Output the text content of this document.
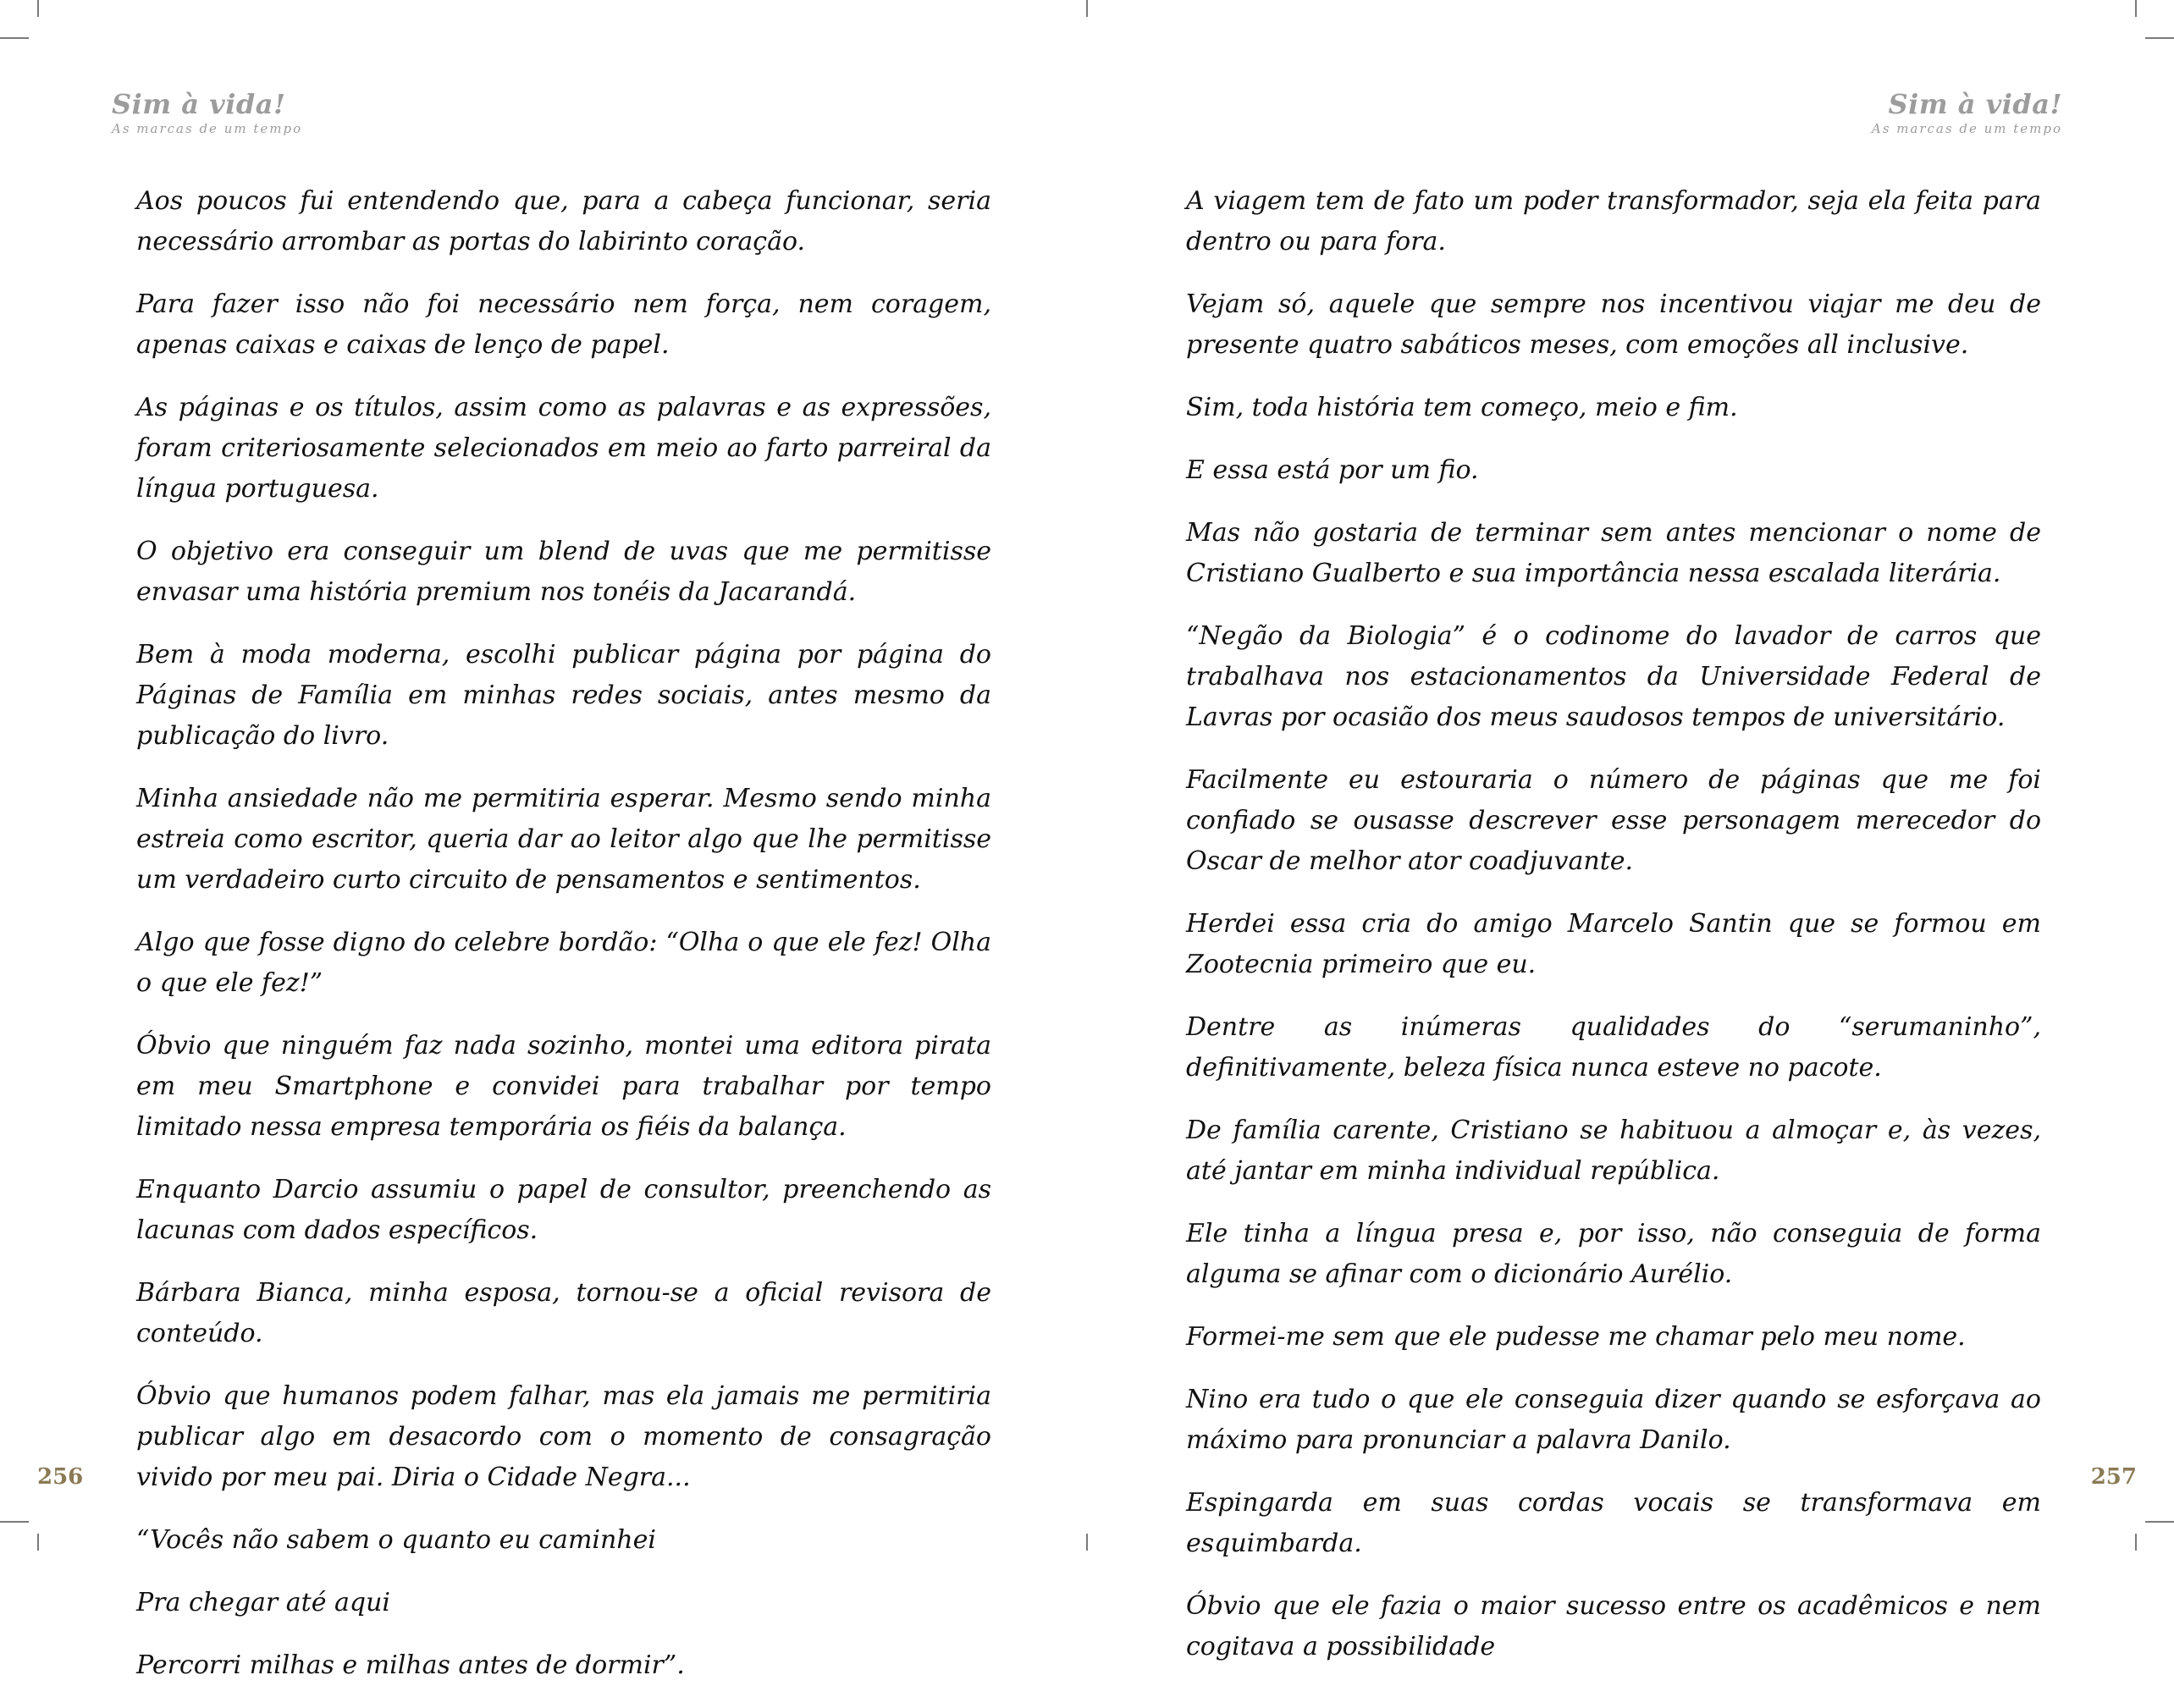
Sim à vida!
As marcas de um tempo

Aos poucos fui entendendo que, para a cabeça funcionar, seria necessário arrombar as portas do labirinto coração.

Para fazer isso não foi necessário nem força, nem coragem, apenas caixas e caixas de lenço de papel.

As páginas e os títulos, assim como as palavras e as expressões, foram criteriosamente selecionados em meio ao farto parreiral da língua portuguesa.

O objetivo era conseguir um blend de uvas que me permitisse envasar uma história premium nos tonéis da Jacarandá.

Bem à moda moderna, escolhi publicar página por página do Páginas de Família em minhas redes sociais, antes mesmo da publicação do livro.

Minha ansiedade não me permitiria esperar. Mesmo sendo minha estreia como escritor, queria dar ao leitor algo que lhe permitisse um verdadeiro curto circuito de pensamentos e sentimentos.

Algo que fosse digno do celebre bordão: “Olha o que ele fez! Olha o que ele fez!”

Óbvio que ninguém faz nada sozinho, montei uma editora pirata em meu Smartphone e convidei para trabalhar por tempo limitado nessa empresa temporária os fiéis da balança.

Enquanto Darcio assumiu o papel de consultor, preenchendo as lacunas com dados específicos.

Bárbara Bianca, minha esposa, tornou-se a oficial revisora de conteúdo.

Óbvio que humanos podem falhar, mas ela jamais me permitiria publicar algo em desacordo com o momento de consagração vivido por meu pai. Diria o Cidade Negra...

“Vocês não sabem o quanto eu caminhei

Pra chegar até aqui

Percorri milhas e milhas antes de dormir”.

256
Sim à vida!
As marcas de um tempo

A viagem tem de fato um poder transformador, seja ela feita para dentro ou para fora.

Vejam só, aquele que sempre nos incentivou viajar me deu de presente quatro sabáticos meses, com emoções all inclusive.

Sim, toda história tem começo, meio e fim.

E essa está por um fio.

Mas não gostaria de terminar sem antes mencionar o nome de Cristiano Gualberto e sua importância nessa escalada literária.

“Negão da Biologia” é o codinome do lavador de carros que trabalhava nos estacionamentos da Universidade Federal de Lavras por ocasião dos meus saudosos tempos de universitário.

Facilmente eu estouraria o número de páginas que me foi confiado se ousasse descrever esse personagem merecedor do Oscar de melhor ator coadjuvante.

Herdei essa cria do amigo Marcelo Santin que se formou em Zootecnia primeiro que eu.

Dentre as inúmeras qualidades do “serumaninho”, definitivamente, beleza física nunca esteve no pacote.

De família carente, Cristiano se habituou a almoçar e, às vezes, até jantar em minha individual república.

Ele tinha a língua presa e, por isso, não conseguia de forma alguma se afinar com o dicionário Aurélio.

Formei-me sem que ele pudesse me chamar pelo meu nome.

Nino era tudo o que ele conseguia dizer quando se esforçava ao máximo para pronunciar a palavra Danilo.

Espingarda em suas cordas vocais se transformava em esquimbarda.

Óbvio que ele fazia o maior sucesso entre os acadêmicos e nem cogitava a possibilidade

257
